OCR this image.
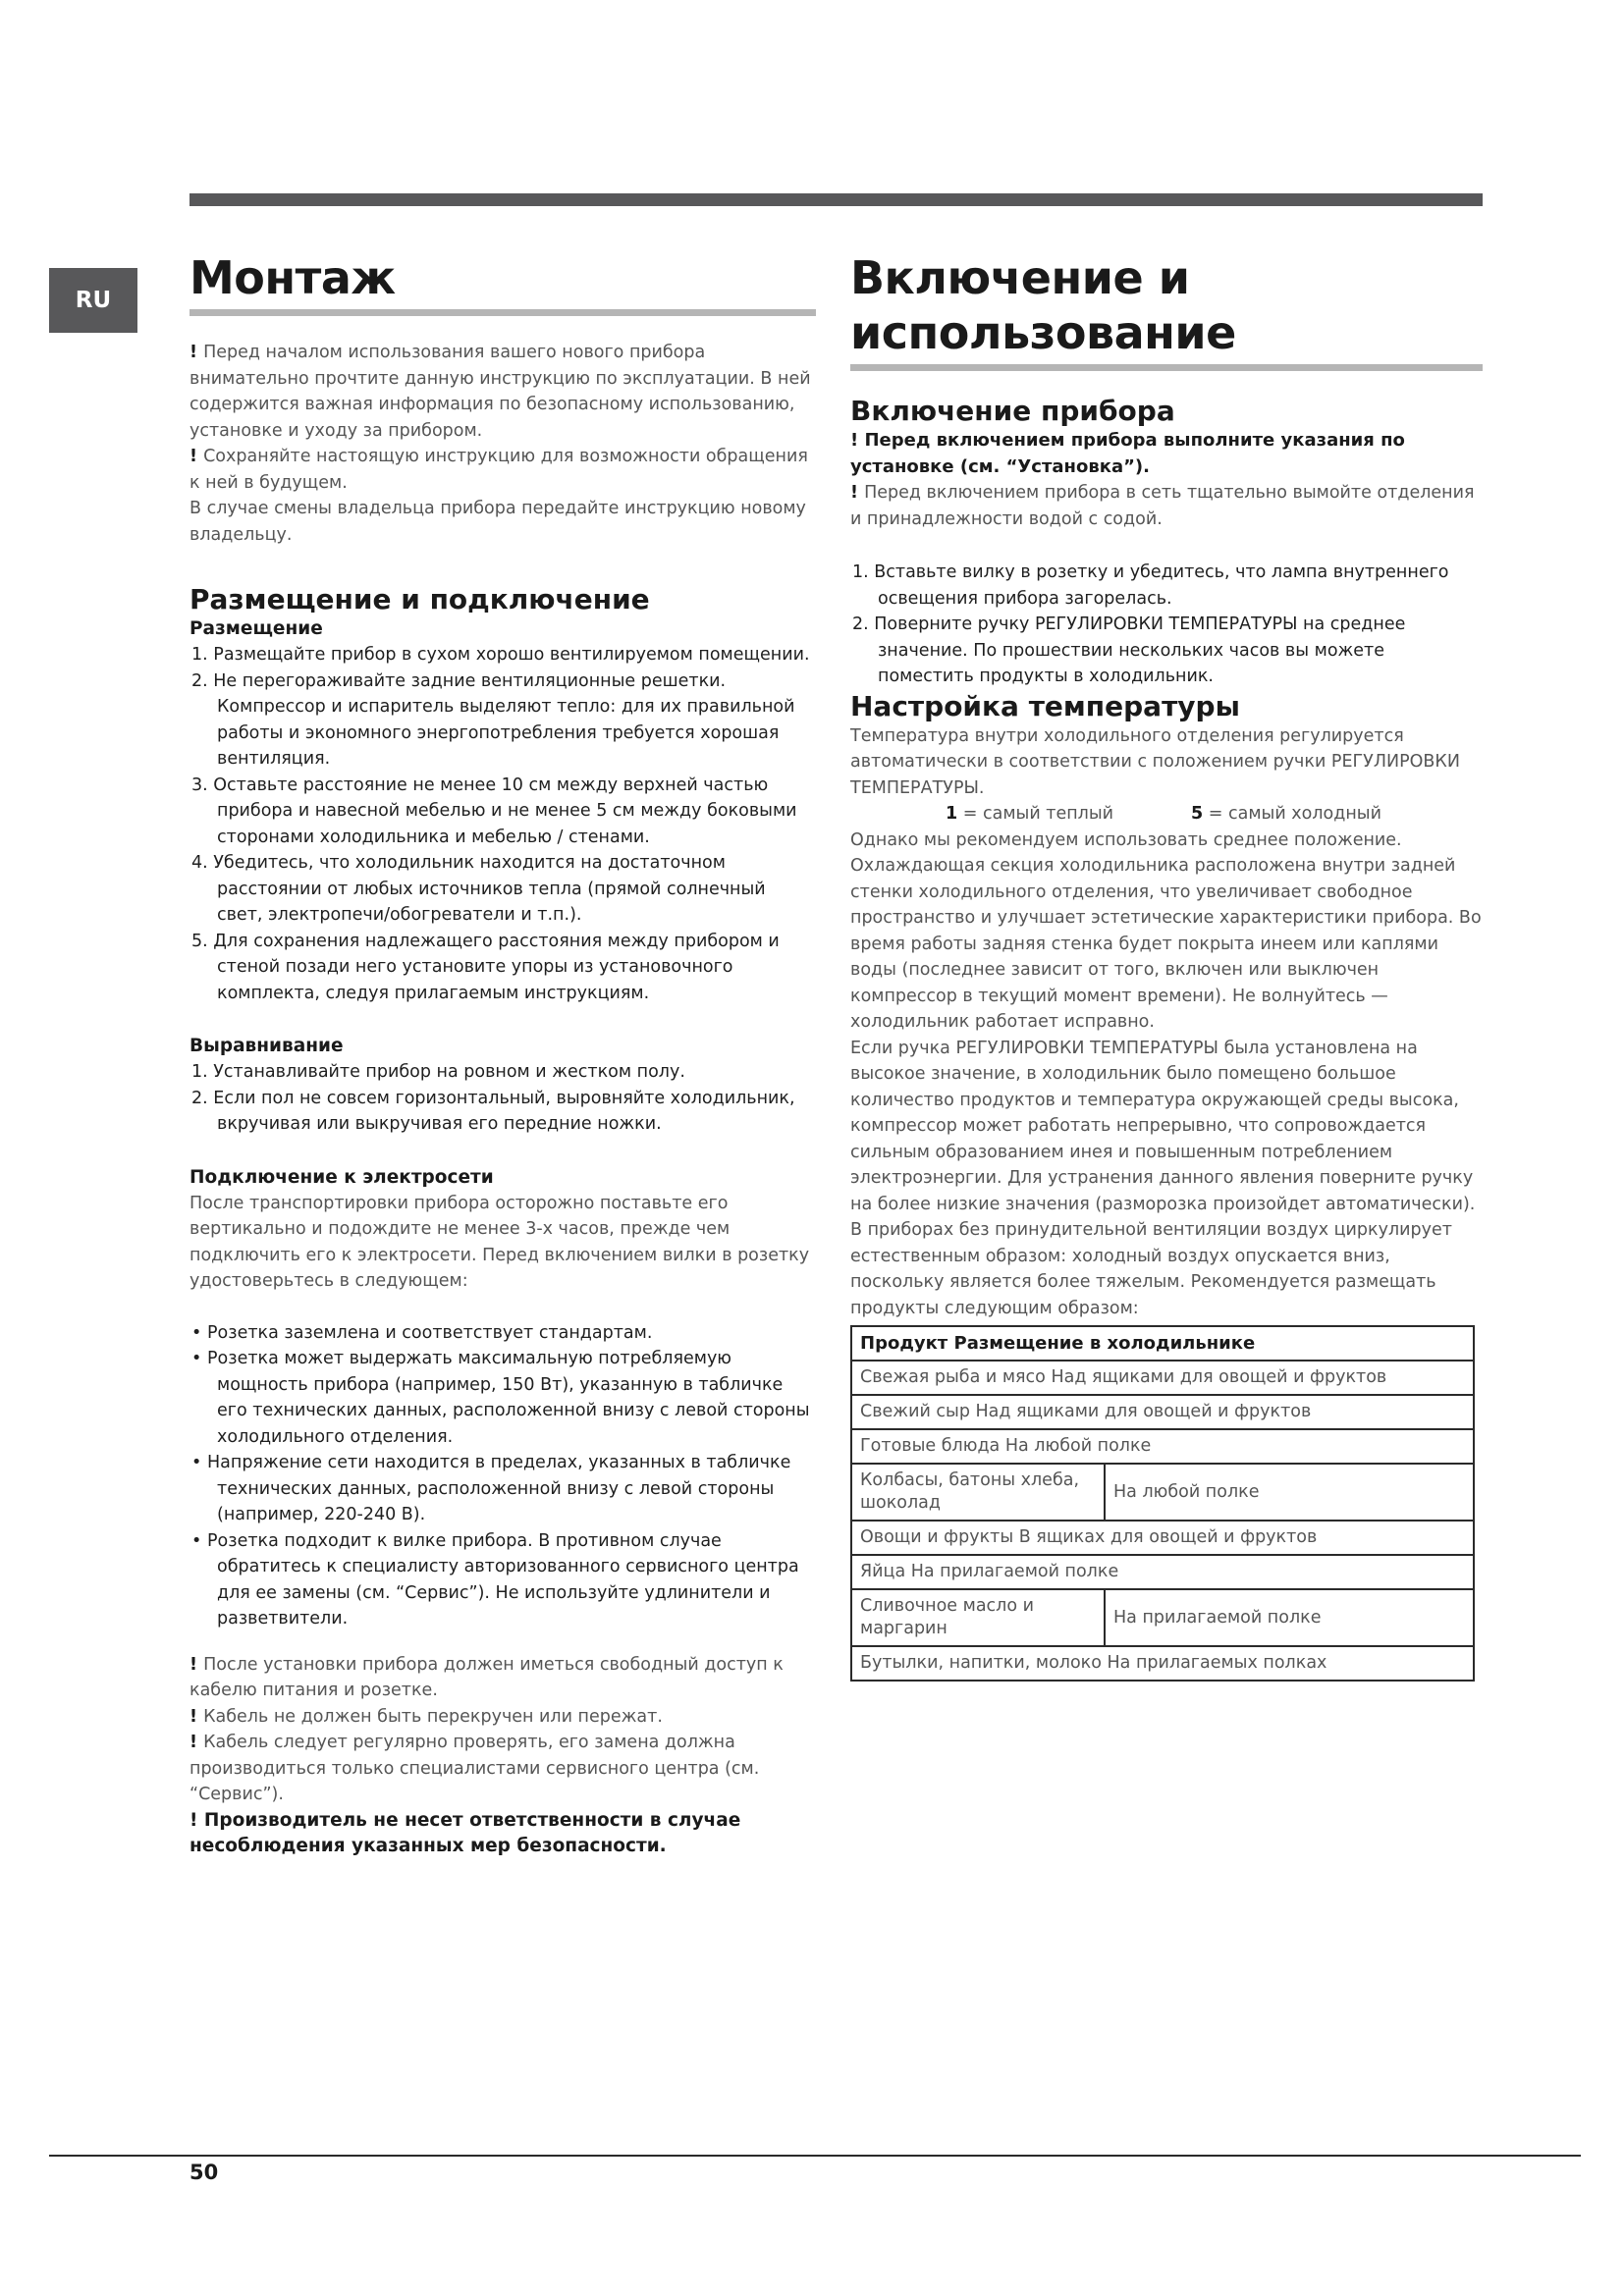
RU	Монтаж

! Перед началом использования вашего нового прибора внимательно прочтите данную инструкцию по эксплуатации. В ней содержится важная информация по безопасному использованию, установке и уходу за прибором.

! Сохраняйте настоящую инструкцию для возможности обращения к ней в будущем.

В случае смены владельца прибора передайте инструкцию новому владельцу.

Размещение и подключение
Размещение
1. Размещайте прибор в сухом хорошо вентилируемом помещении.
2. Не перегораживайте задние вентиляционные решетки. Компрессор и испаритель выделяют тепло: для их правильной работы и экономного энергопотребления требуется хорошая вентиляция.
3. Оставьте расстояние не менее 10 см между верхней частью прибора и навесной мебелью и не менее 5 см между боковыми сторонами холодильника и мебелью / стенами.
4. Убедитесь, что холодильник находится на достаточном расстоянии от любых источников тепла (прямой солнечный свет, электропечи/обогреватели и т.п.).
5. Для сохранения надлежащего расстояния между прибором и стеной позади него установите упоры из установочного комплекта, следуя прилагаемым инструкциям.
Выравнивание
1. Устанавливайте прибор на ровном и жестком полу.
2. Если пол не совсем горизонтальный, выровняйте холодильник, вкручивая или выкручивая его передние ножки.
Подключение к электросети

После транспортировки прибора осторожно поставьте его вертикально и подождите не менее 3-х часов, прежде чем подключить его к электросети. Перед включением вилки в розетку удостоверьтесь в следующем:

• Розетка заземлена и соответствует стандартам.
• Розетка может выдержать максимальную потребляемую мощность прибора (например, 150 Вт), указанную в табличке его технических данных, расположенной внизу с левой стороны холодильного отделения.
• Напряжение сети находится в пределах, указанных в табличке технических данных, расположенной внизу с левой стороны (например, 220-240 В).
• Розетка подходит к вилке прибора. В противном случае обратитесь к специалисту авторизованного сервисного центра для ее замены (см. “Сервис”). Не используйте удлинители и разветвители.

! После установки прибора должен иметься свободный доступ к кабелю питания и розетке.

! Кабель не должен быть перекручен или пережат.

! Кабель следует регулярно проверять, его замена должна производиться только специалистами сервисного центра (см. “Сервис”).

! Производитель не несет ответственности в случае несоблюдения указанных мер безопасности.

Включение и использование
Включение прибора

! Перед включением прибора выполните указания по установке (см. “Установка”).

! Перед включением прибора в сеть тщательно вымойте отделения и принадлежности водой с содой.

1. Вставьте вилку в розетку и убедитесь, что лампа внутреннего освещения прибора загорелась.
2. Поверните ручку РЕГУЛИРОВКИ ТЕМПЕРАТУРЫ на среднее значение. По прошествии нескольких часов вы можете поместить продукты в холодильник.
Настройка температуры

Температура внутри холодильного отделения регулируется автоматически в соответствии с положением ручки РЕГУЛИРОВКИ ТЕМПЕРАТУРЫ.

1 = самый теплый	5 = самый холодный

Однако мы рекомендуем использовать среднее положение. Охлаждающая секция холодильника расположена внутри задней стенки холодильного отделения, что увеличивает свободное пространство и улучшает эстетические характеристики прибора. Во время работы задняя стенка будет покрыта инеем или каплями воды (последнее зависит от того, включен или выключен компрессор в текущий момент времени). Не волнуйтесь — холодильник работает исправно.

Если ручка РЕГУЛИРОВКИ ТЕМПЕРАТУРЫ была установлена на высокое значение, в холодильник было помещено большое количество продуктов и температура окружающей среды высока, компрессор может работать непрерывно, что сопровождается сильным образованием инея и повышенным потреблением электроэнергии. Для устранения данного явления поверните ручку на более низкие значения (разморозка произойдет автоматически). В приборах без принудительной вентиляции воздух циркулирует естественным образом: холодный воздух опускается вниз, поскольку является более тяжелым. Рекомендуется размещать продукты следующим образом:

Продукт Размещение в холодильнике	
Свежая рыба и мясо Над ящиками для овощей и фруктов	
Свежий сыр Над ящиками для овощей и фруктов	
Готовые блюда На любой полке	
Колбасы, батоны хлеба, шоколад	На любой полке
Овощи и фрукты В ящиках для овощей и фруктов	
Яйца На прилагаемой полке	
Сливочное масло и маргарин	На прилагаемой полке
Бутылки, напитки, молоко На прилагаемых полках	
50
